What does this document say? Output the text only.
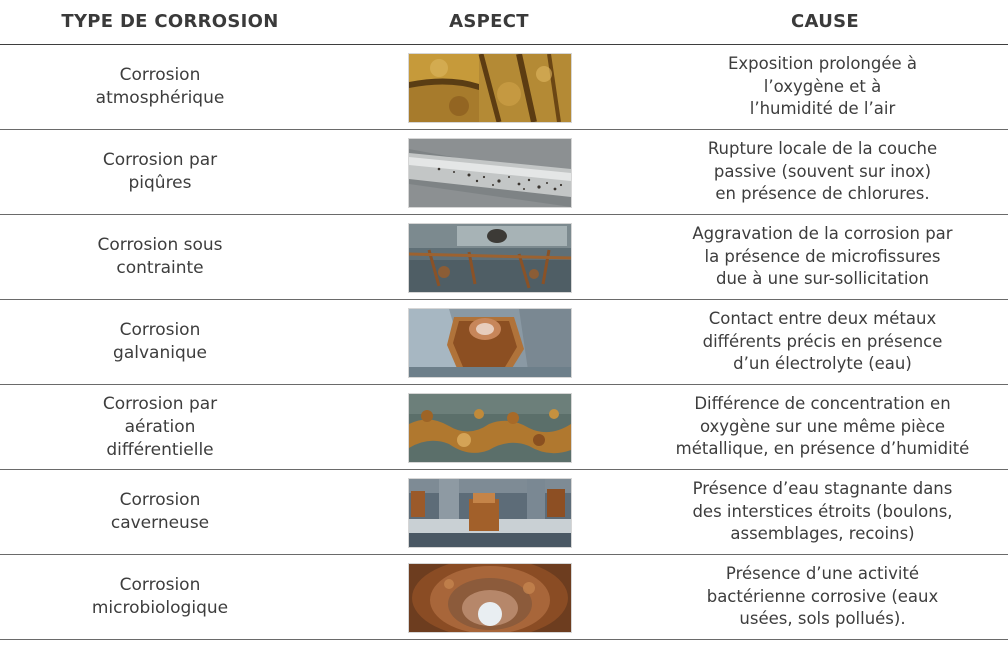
TYPE DE CORROSION	ASPECT	CAUSE
Corrosion
atmosphérique
Exposition prolongée à
l’oxygène et à
l’humidité de l’air
Corrosion par
piqûres
Rupture locale de la couche
passive (souvent sur inox)
en présence de chlorures.
Corrosion sous
contrainte
Aggravation de la corrosion par
la présence de microfissures
due à une sur-sollicitation
Corrosion
galvanique
Contact entre deux métaux
différents précis en présence
d’un électrolyte (eau)
Corrosion par
aération
différentielle
Différence de concentration en
oxygène sur une même pièce
métallique, en présence d’humidité
Corrosion
caverneuse
Présence d’eau stagnante dans
des interstices étroits (boulons,
assemblages, recoins)
Corrosion
microbiologique
Présence d’une activité
bactérienne corrosive (eaux
usées, sols pollués).
